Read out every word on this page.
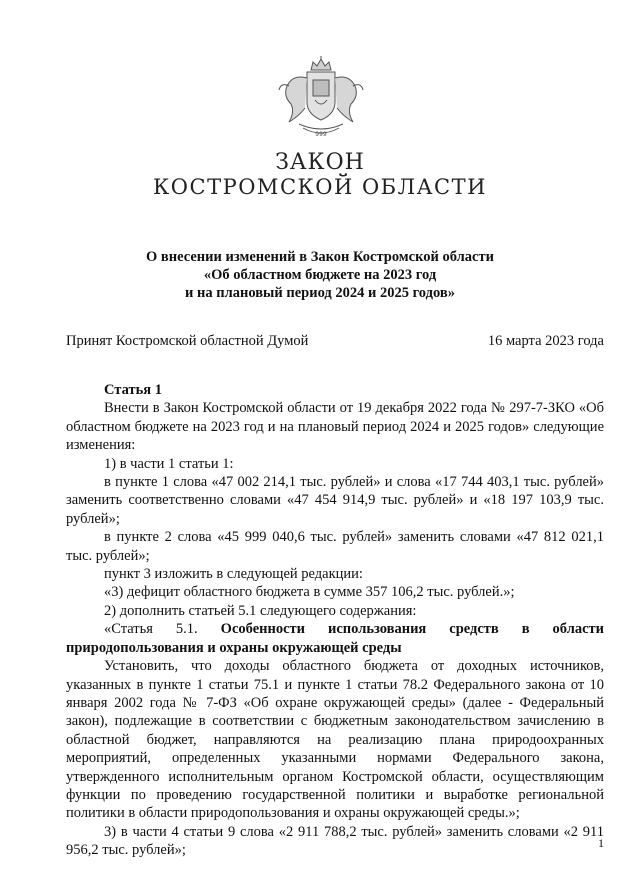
999
ЗАКОН
КОСТРОМСКОЙ ОБЛАСТИ
О внесении изменений в Закон Костромской области
«Об областном бюджете на 2023 год
и на плановый период 2024 и 2025 годов»
Принят Костромской областной Думой	16 марта 2023 года

Статья 1

Внести в Закон Костромской области от 19 декабря 2022 года № 297-7-ЗКО «Об областном бюджете на 2023 год и на плановый период 2024 и 2025 годов» следующие изменения:

1) в части 1 статьи 1:

в пункте 1 слова «47 002 214,1 тыс. рублей» и слова «17 744 403,1 тыс. рублей» заменить соответственно словами «47 454 914,9 тыс. рублей» и «18 197 103,9 тыс. рублей»;

в пункте 2 слова «45 999 040,6 тыс. рублей» заменить словами «47 812 021,1 тыс. рублей»;

пункт 3 изложить в следующей редакции:

«3) дефицит областного бюджета в сумме 357 106,2 тыс. рублей.»;

2) дополнить статьей 5.1 следующего содержания:

«Статья 5.1. Особенности использования средств в области природопользования и охраны окружающей среды

Установить, что доходы областного бюджета от доходных источников, указанных в пункте 1 статьи 75.1 и пункте 1 статьи 78.2 Федерального закона от 10 января 2002 года № 7-ФЗ «Об охране окружающей среды» (далее - Федеральный закон), подлежащие в соответствии с бюджетным законодательством зачислению в областной бюджет, направляются на реализацию плана природоохранных мероприятий, определенных указанными нормами Федерального закона, утвержденного исполнительным органом Костромской области, осуществляющим функции по проведению государственной политики и выработке региональной политики в области природопользования и охраны окружающей среды.»;

3) в части 4 статьи 9 слова «2 911 788,2 тыс. рублей» заменить словами «2 911 956,2 тыс. рублей»;	1
